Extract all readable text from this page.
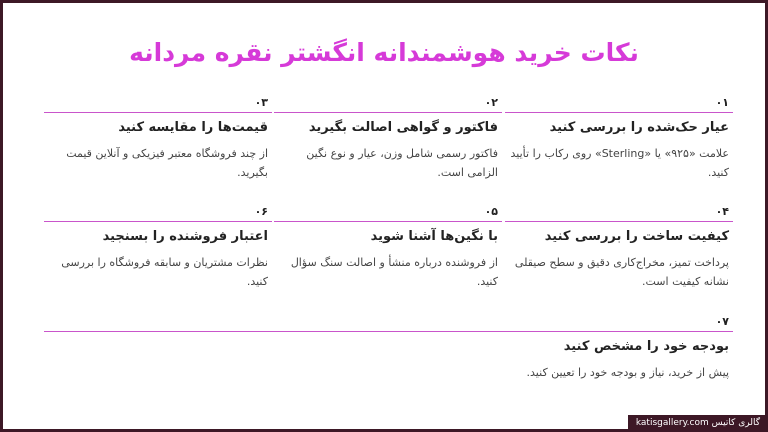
نکات خرید هوشمندانه انگشتر نقره مردانه
۰۱
عیار حک‌شده را بررسی کنید
علامت «۹۲۵» یا «Sterling» روی رکاب را تأیید کنید.
۰۲
فاکتور و گواهی اصالت بگیرید
فاکتور رسمی شامل وزن، عیار و نوع نگین الزامی است.
۰۳
قیمت‌ها را مقایسه کنید
از چند فروشگاه معتبر فیزیکی و آنلاین قیمت بگیرید.
۰۴
کیفیت ساخت را بررسی کنید
پرداخت تمیز، مخراج‌کاری دقیق و سطح صیقلی نشانه کیفیت است.
۰۵
با نگین‌ها آشنا شوید
از فروشنده درباره منشأ و اصالت سنگ سؤال کنید.
۰۶
اعتبار فروشنده را بسنجید
نظرات مشتریان و سابقه فروشگاه را بررسی کنید.
۰۷
بودجه خود را مشخص کنید
پیش از خرید، نیاز و بودجه خود را تعیین کنید.
گالری کاتیس katisgallery.com
